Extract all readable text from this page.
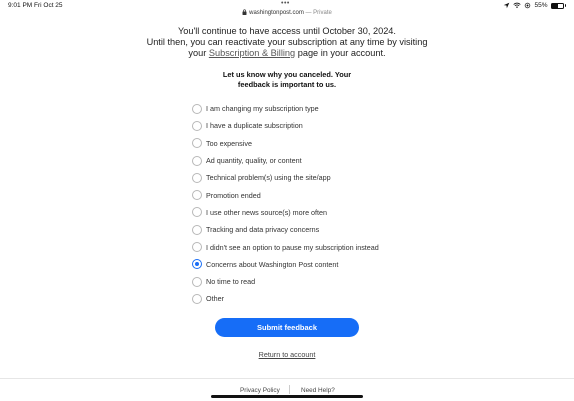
9:01 PM Fri Oct 25	•••	55%
washingtonpost.com — Private
You'll continue to have access until October 30, 2024.
Until then, you can reactivate your subscription at any time by visiting
your Subscription & Billing page in your account.
Let us know why you canceled. Your
feedback is important to us.
I am changing my subscription type
I have a duplicate subscription
Too expensive
Ad quantity, quality, or content
Technical problem(s) using the site/app
Promotion ended
I use other news source(s) more often
Tracking and data privacy concerns
I didn't see an option to pause my subscription instead
Concerns about Washington Post content
No time to read
Other
Submit feedback
Return to account
Privacy Policy	Need Help?
